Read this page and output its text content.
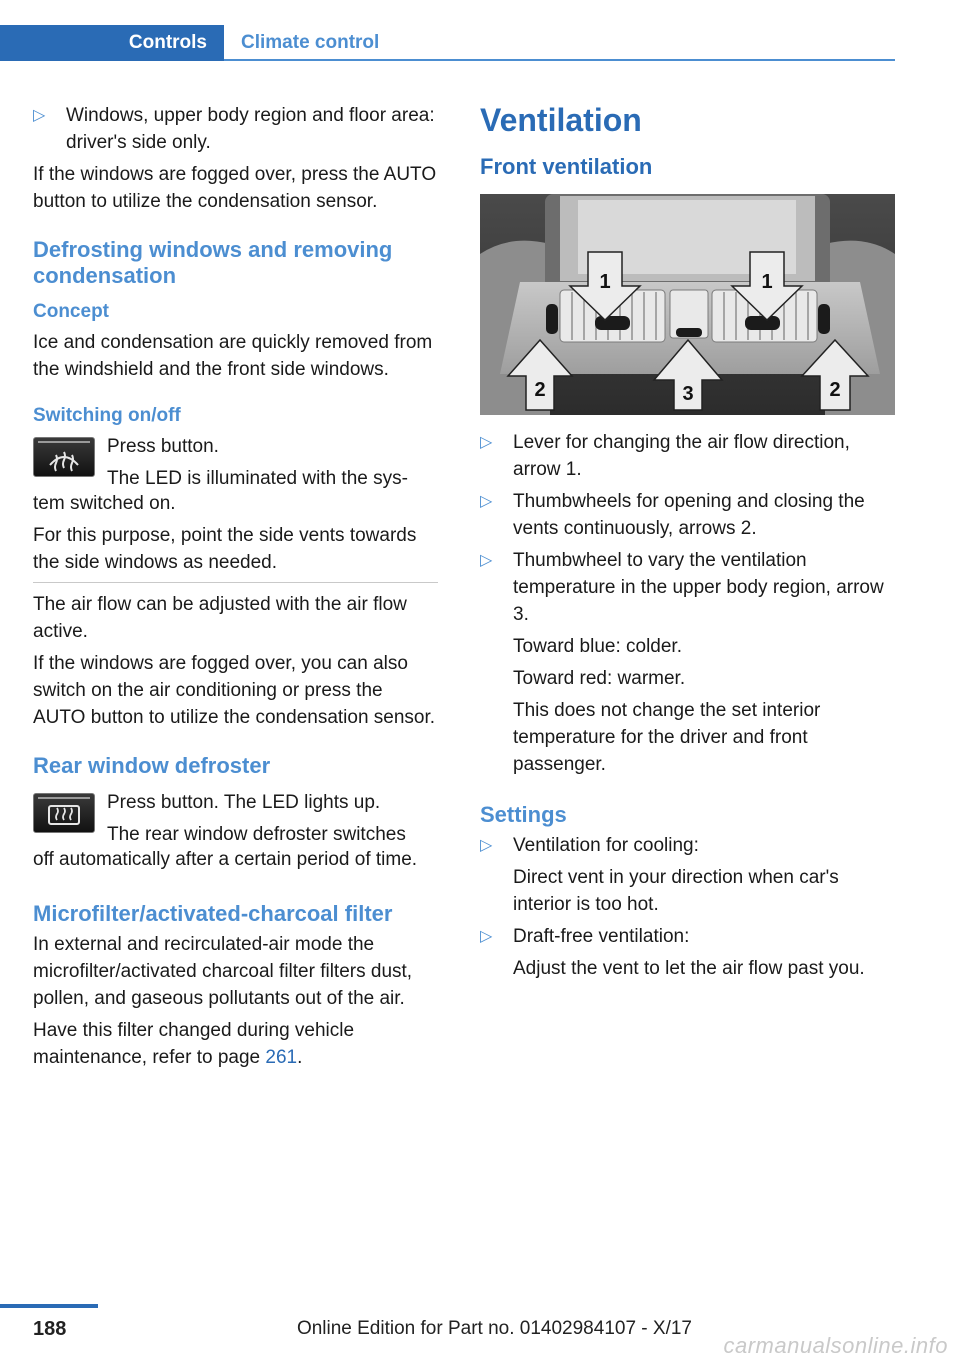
Controls	Climate control
▷ Windows, upper body region and floor area: driver's side only.

If the windows are fogged over, press the AUTO button to utilize the condensation sensor.

Defrosting windows and removing condensation
Concept

Ice and condensation are quickly removed from the windshield and the front side windows.

Switching on/off

Press button.

The LED is illuminated with the sys-

tem switched on.

For this purpose, point the side vents towards the side windows as needed.

The air flow can be adjusted with the air flow active.

If the windows are fogged over, you can also switch on the air conditioning or press the AUTO button to utilize the condensation sensor.

Rear window defroster

Press button. The LED lights up.

The rear window defroster switches

off automatically after a certain period of time.

Microfilter/activated-charcoal filter

In external and recirculated-air mode the microfilter/activated charcoal filter filters dust, pollen, and gaseous pollutants out of the air.

Have this filter changed during vehicle maintenance, refer to page 261.

Ventilation
Front ventilation
1	1
2	3	2
▷ Lever for changing the air flow direction, arrow 1.
▷ Thumbwheels for opening and closing the vents continuously, arrows 2.
▷ Thumbwheel to vary the ventilation temperature in the upper body region, arrow 3.

Toward blue: colder.

Toward red: warmer.

This does not change the set interior temperature for the driver and front passenger.

Settings
▷ Ventilation for cooling:

Direct vent in your direction when car's interior is too hot.

▷ Draft-free ventilation:

Adjust the vent to let the air flow past you.

188	Online Edition for Part no. 01402984107 - X/17
carmanualsonline.info
